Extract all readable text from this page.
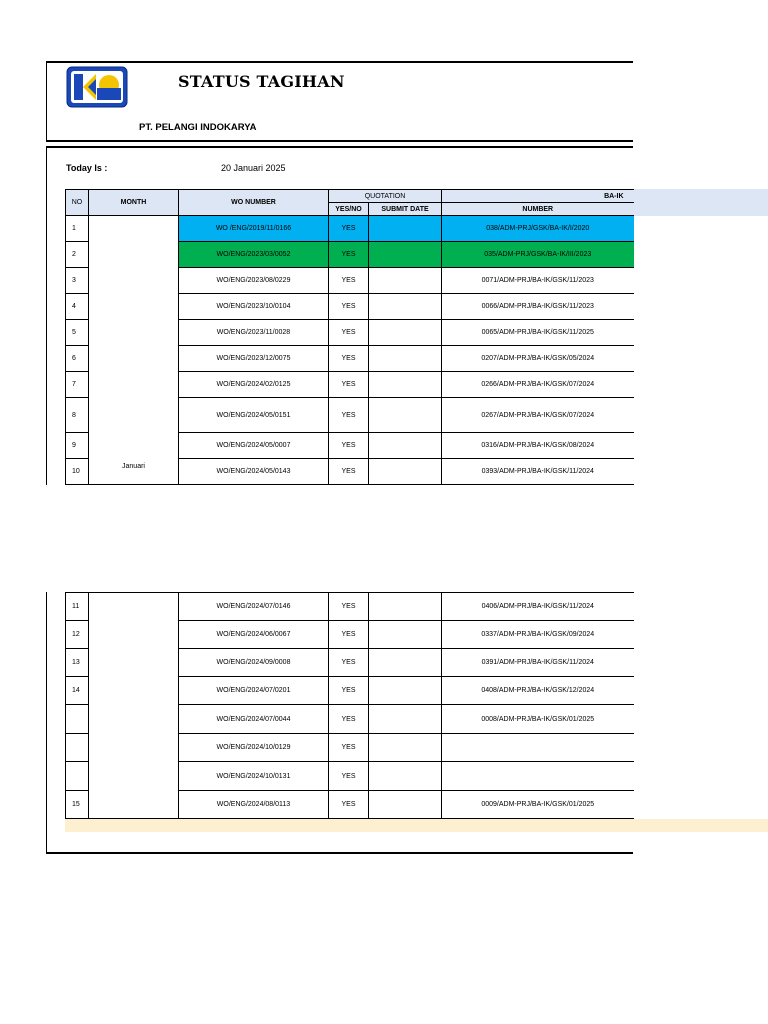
STATUS TAGIHAN
PT. PELANGI INDOKARYA
Today Is :	20 Januari 2025
NO	MONTH	WO NUMBER	QUOTATION		BA-IK
			YES/NO	SUBMIT DATE	NUMBER
1	Januari	WO /ENG/2019/11/0166	YES		038/ADM-PRJ/GSK/BA-IK/I/2020
2		WO/ENG/2023/03/0052	YES		035/ADM-PRJ/GSK/BA-IK/III/2023
3		WO/ENG/2023/08/0229	YES		0071/ADM-PRJ/BA-IK/GSK/11/2023
4		WO/ENG/2023/10/0104	YES		0066/ADM-PRJ/BA-IK/GSK/11/2023
5		WO/ENG/2023/11/0028	YES		0065/ADM-PRJ/BA-IK/GSK/11/2025
6		WO/ENG/2023/12/0075	YES		0207/ADM-PRJ/BA-IK/GSK/05/2024
7		WO/ENG/2024/02/0125	YES		0266/ADM-PRJ/BA-IK/GSK/07/2024
8		WO/ENG/2024/05/0151	YES		0267/ADM-PRJ/BA-IK/GSK/07/2024
9		WO/ENG/2024/05/0007	YES		0316/ADM-PRJ/BA-IK/GSK/08/2024
10		WO/ENG/2024/05/0143	YES		0393/ADM-PRJ/BA-IK/GSK/11/2024
11		WO/ENG/2024/07/0146	YES		0406/ADM-PRJ/BA-IK/GSK/11/2024
12		WO/ENG/2024/06/0067	YES		0337/ADM-PRJ/BA-IK/GSK/09/2024
13		WO/ENG/2024/09/0008	YES		0391/ADM-PRJ/BA-IK/GSK/11/2024
14		WO/ENG/2024/07/0201	YES		0408/ADM-PRJ/BA-IK/GSK/12/2024
		WO/ENG/2024/07/0044	YES		0008/ADM-PRJ/BA-IK/GSK/01/2025
		WO/ENG/2024/10/0129	YES		
		WO/ENG/2024/10/0131	YES		
15		WO/ENG/2024/08/0113	YES		0009/ADM-PRJ/BA-IK/GSK/01/2025
